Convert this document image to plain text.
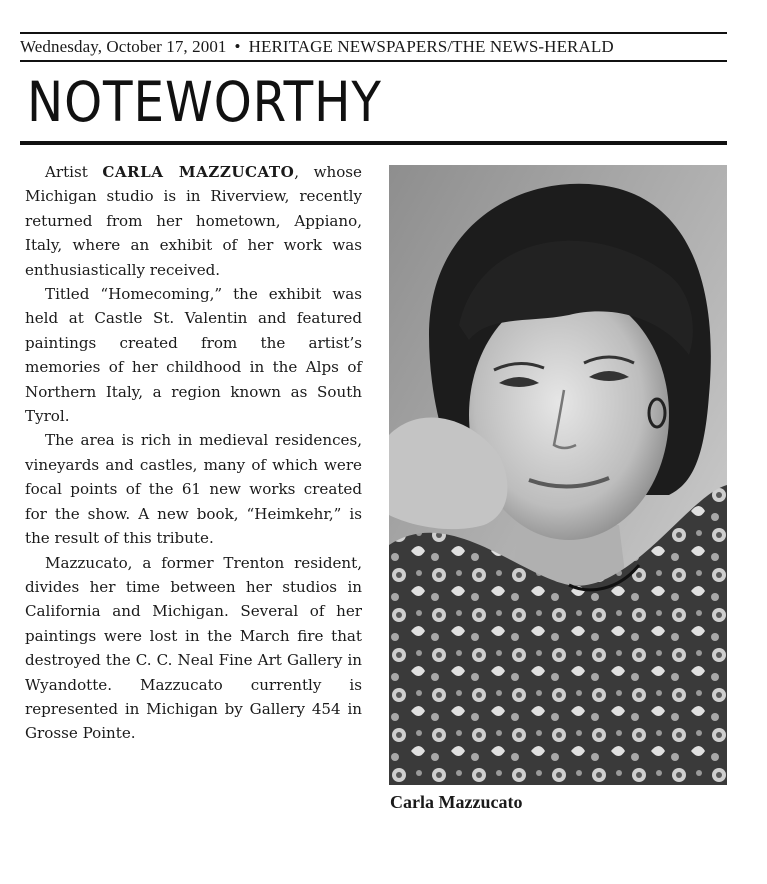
Wednesday, October 17, 2001 • HERITAGE NEWSPAPERS/THE NEWS-HERALD
NOTEWORTHY

Artist CARLA MAZZUCATO, whose Michigan studio is in Riverview, recently returned from her hometown, Appiano, Italy, where an exhibit of her work was enthusiastically received.

Titled “Homecoming,” the exhibit was held at Castle St. Valentin and featured paintings created from the artist’s memories of her childhood in the Alps of Northern Italy, a region known as South Tyrol.

The area is rich in medieval residences, vineyards and castles, many of which were focal points of the 61 new works created for the show. A new book, “Heimkehr,” is the result of this tribute.

Mazzucato, a former Trenton resident, divides her time between her studios in California and Michigan. Several of her paintings were lost in the March fire that destroyed the C. C. Neal Fine Art Gallery in Wyandotte. Mazzucato currently is represented in Michigan by Gallery 454 in Grosse Pointe.

Carla Mazzucato
